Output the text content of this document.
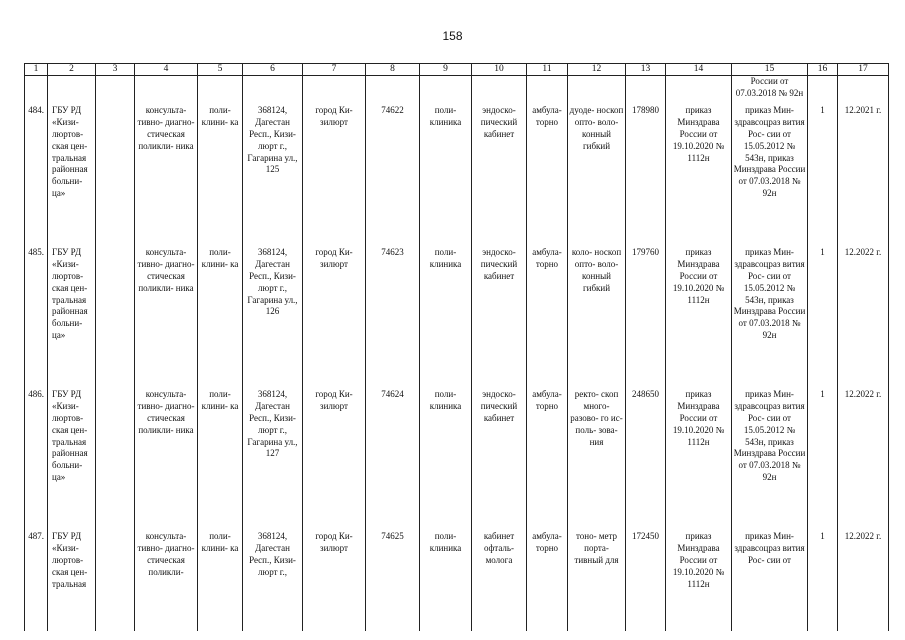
158
1	2	3	4	5	6	7	8	9	10	11	12	13	14	15	16	17
														России от 07.03.2018 № 92н		
484.	ГБУ РД «Кизи- люртов- ская цен- тральная районная больни- ца»		консульта- тивно- диагно- стическая поликли- ника	поли- клини- ка	368124, Дагестан Респ., Кизи- люрт г., Гагарина ул., 125	город Ки- зилюрт	74622	поли- клиника	эндоско- пический кабинет	амбула- торно	дуоде- носкоп опто- воло- конный гибкий	178980	приказ Минздрава России от 19.10.2020 № 1112н	приказ Мин- здравсоцраз вития Рос- сии от 15.05.2012 № 543н, приказ Минздрава России от 07.03.2018 № 92н	1	12.2021 г.
485.	ГБУ РД «Кизи- люртов- ская цен- тральная районная больни- ца»		консульта- тивно- диагно- стическая поликли- ника	поли- клини- ка	368124, Дагестан Респ., Кизи- люрт г., Гагарина ул., 126	город Ки- зилюрт	74623	поли- клиника	эндоско- пический кабинет	амбула- торно	коло- носкоп опто- воло- конный гибкий	179760	приказ Минздрава России от 19.10.2020 № 1112н	приказ Мин- здравсоцраз вития Рос- сии от 15.05.2012 № 543н, приказ Минздрава России от 07.03.2018 № 92н	1	12.2022 г.
486.	ГБУ РД «Кизи- люртов- ская цен- тральная районная больни- ца»		консульта- тивно- диагно- стическая поликли- ника	поли- клини- ка	368124, Дагестан Респ., Кизи- люрт г., Гагарина ул., 127	город Ки- зилюрт	74624	поли- клиника	эндоско- пический кабинет	амбула- торно	ректо- скоп много- разово- го ис- поль- зова- ния	248650	приказ Минздрава России от 19.10.2020 № 1112н	приказ Мин- здравсоцраз вития Рос- сии от 15.05.2012 № 543н, приказ Минздрава России от 07.03.2018 № 92н	1	12.2022 г.
487.	ГБУ РД «Кизи- люртов- ская цен- тральная		консульта- тивно- диагно- стическая поликли-	поли- клини- ка	368124, Дагестан Респ., Кизи- люрт г.,	город Ки- зилюрт	74625	поли- клиника	кабинет офталь- молога	амбула- торно	тоно- метр порта- тивный для	172450	приказ Минздрава России от 19.10.2020 № 1112н	приказ Мин- здравсоцраз вития Рос- сии от	1	12.2022 г.
